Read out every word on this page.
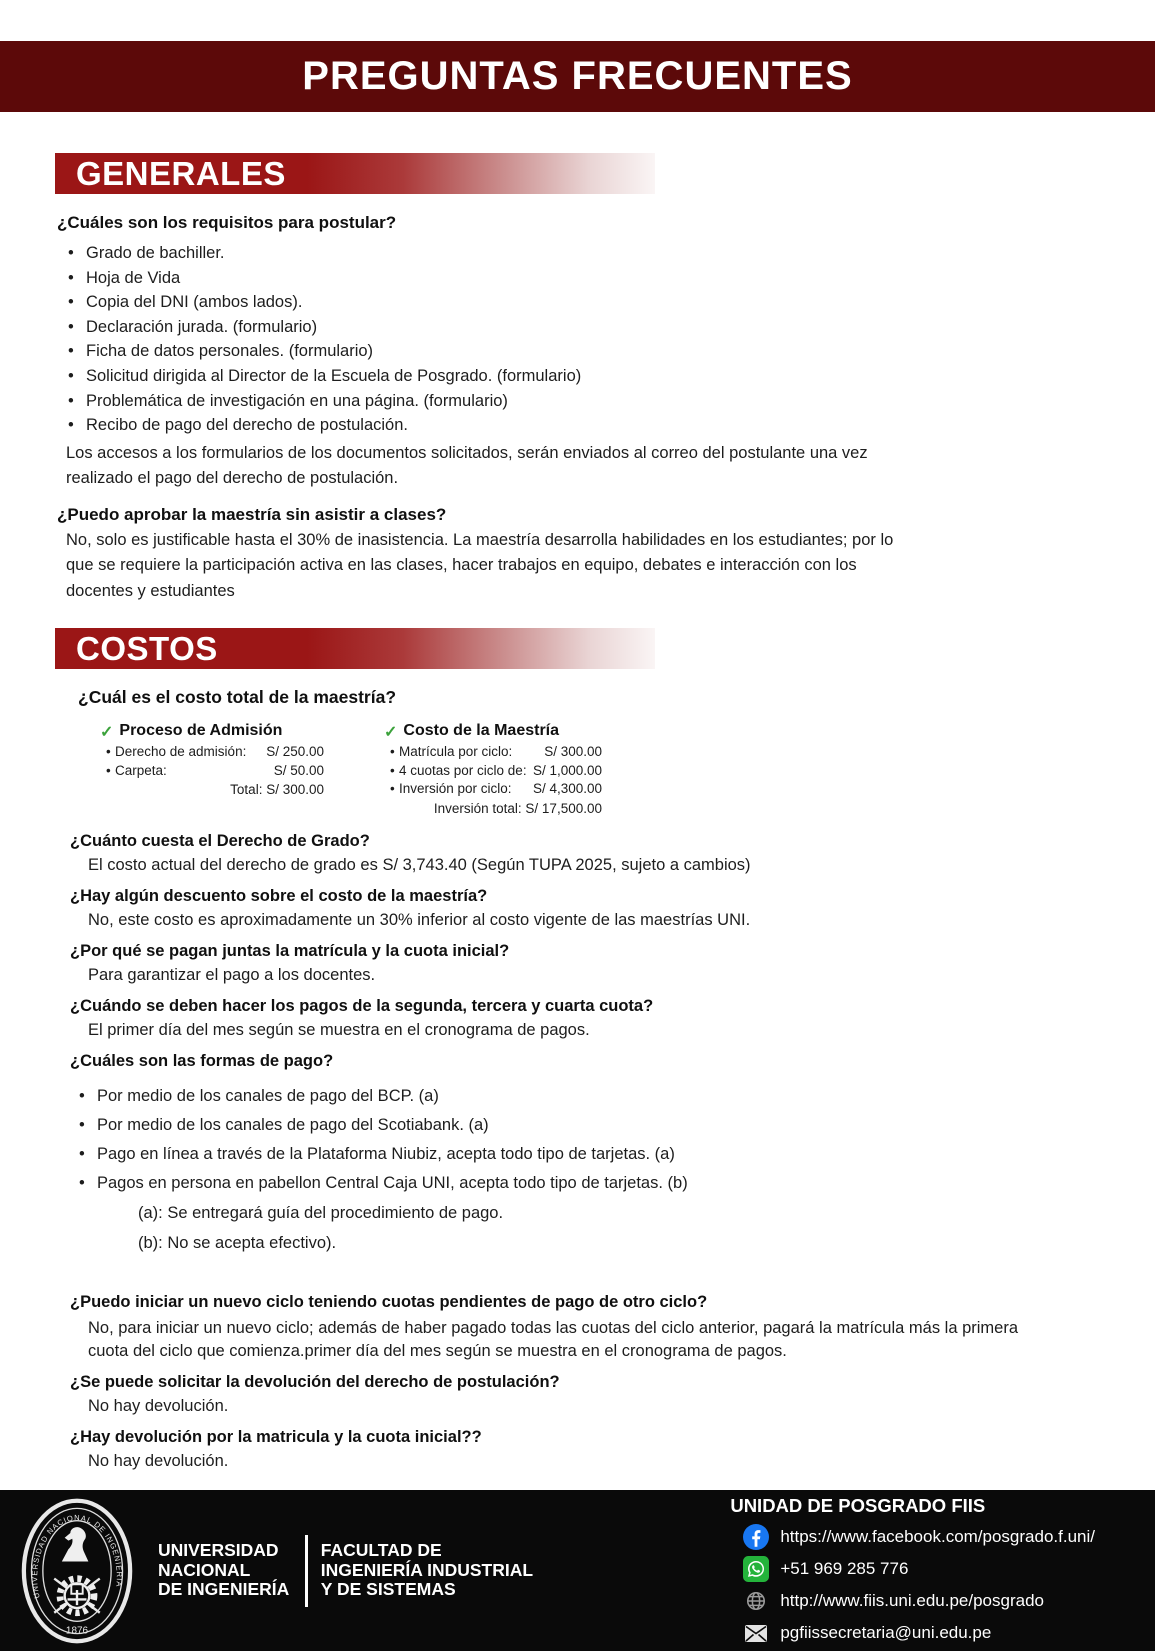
PREGUNTAS FRECUENTES
GENERALES
¿Cuáles son los requisitos para postular?
• Grado de bachiller.
• Hoja de Vida
• Copia del DNI (ambos lados).
• Declaración jurada. (formulario)
• Ficha de datos personales. (formulario)
• Solicitud dirigida al Director de la Escuela de Posgrado. (formulario)
• Problemática de investigación en una página. (formulario)
• Recibo de pago del derecho de postulación.
Los accesos a los formularios de los documentos solicitados, serán enviados al correo del postulante una vez realizado el pago del derecho de postulación.
¿Puedo aprobar la maestría sin asistir a clases?
No, solo es justificable hasta el 30% de inasistencia. La maestría desarrolla habilidades en los estudiantes; por lo que se requiere la participación activa en las clases, hacer trabajos en equipo, debates e interacción con los docentes y estudiantes
COSTOS
¿Cuál es el costo total de la maestría?
✓ Proceso de Admisión
• Derecho de admisión:	S/ 250.00
• Carpeta:	S/ 50.00
Total: S/ 300.00
✓ Costo de la Maestría
• Matrícula por ciclo:	S/ 300.00
• 4 cuotas por ciclo de: S/ 1,000.00
• Inversión por ciclo:	S/ 4,300.00
Inversión total: S/ 17,500.00
¿Cuánto cuesta el Derecho de Grado?
El costo actual del derecho de grado es S/ 3,743.40 (Según TUPA 2025, sujeto a cambios)
¿Hay algún descuento sobre el costo de la maestría?
No, este costo es aproximadamente un 30% inferior al costo vigente de las maestrías UNI.
¿Por qué se pagan juntas la matrícula y la cuota inicial?
Para garantizar el pago a los docentes.
¿Cuándo se deben hacer los pagos de la segunda, tercera y cuarta cuota?
El primer día del mes según se muestra en el cronograma de pagos.
¿Cuáles son las formas de pago?
• Por medio de los canales de pago del BCP. (a)
• Por medio de los canales de pago del Scotiabank. (a)
• Pago en línea a través de la Plataforma Niubiz, acepta todo tipo de tarjetas. (a)
• Pagos en persona en pabellon Central Caja UNI, acepta todo tipo de tarjetas. (b)
(a): Se entregará guía del procedimiento de pago.
(b): No se acepta efectivo).
¿Puedo iniciar un nuevo ciclo teniendo cuotas pendientes de pago de otro ciclo?
No, para iniciar un nuevo ciclo; además de haber pagado todas las cuotas del ciclo anterior, pagará la matrícula más la primera cuota del ciclo que comienza.primer día del mes según se muestra en el cronograma de pagos.
¿Se puede solicitar la devolución del derecho de postulación?
No hay devolución.
¿Hay devolución por la matricula y la cuota inicial??
No hay devolución.
UNIVERSIDAD NACIONAL DE INGENIERIA
1876
UNIVERSIDAD
NACIONAL
DE INGENIERÍA
FACULTAD DE
INGENIERÍA INDUSTRIAL
Y DE SISTEMAS
UNIDAD DE POSGRADO FIIS
https://www.facebook.com/posgrado.f.uni/
+51 969 285 776
http://www.fiis.uni.edu.pe/posgrado
pgfiissecretaria@uni.edu.pe
